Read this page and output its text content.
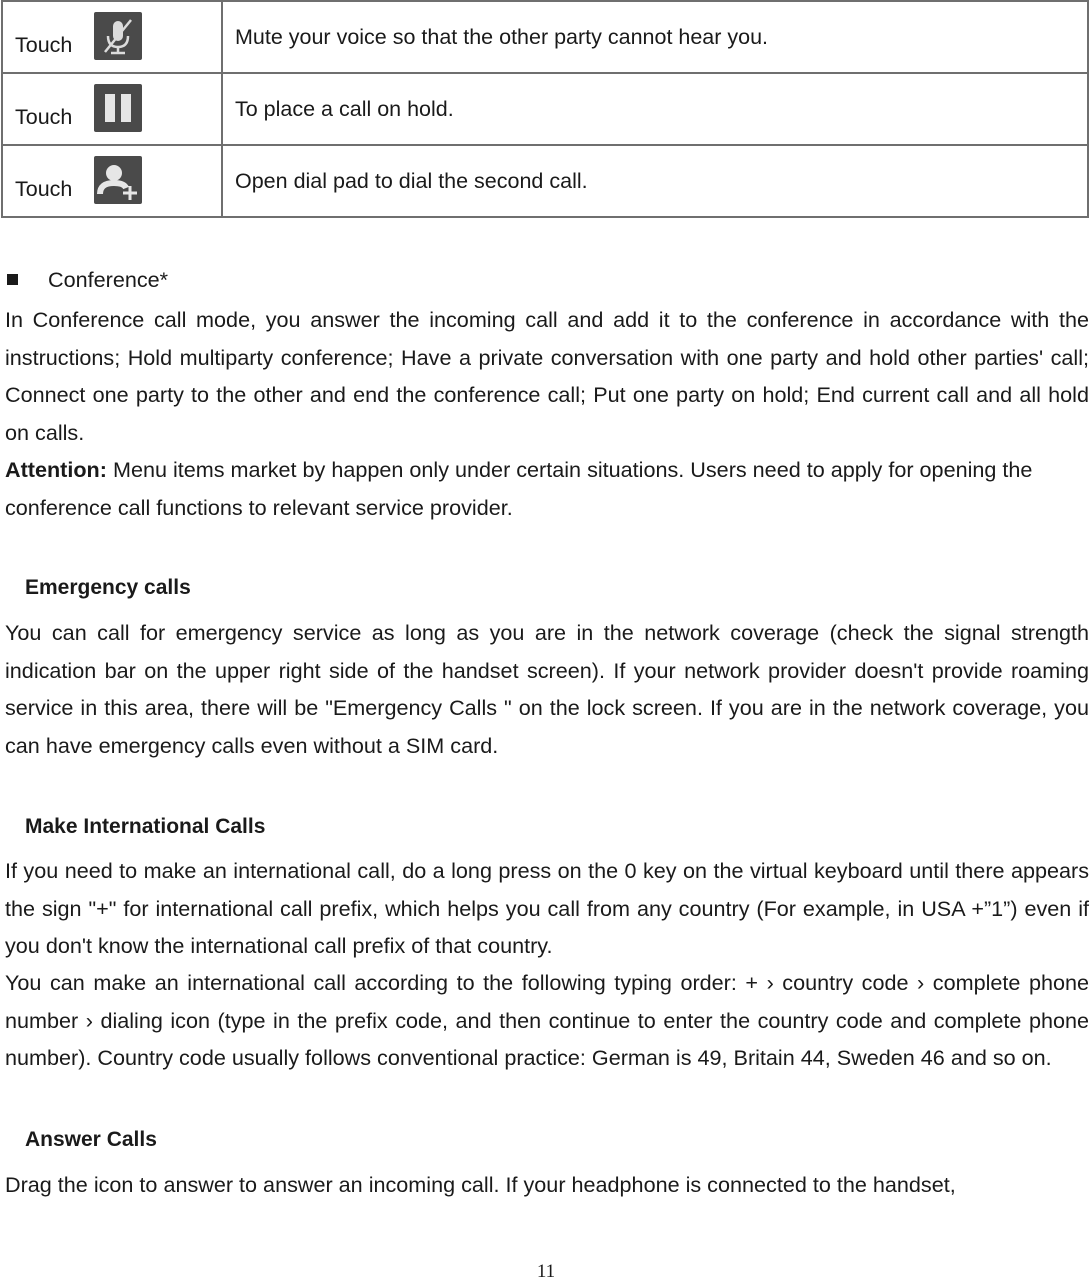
Touch	Mute your voice so that the other party cannot hear you.

Touch	To place a call on hold.

Touch	Open dial pad to dial the second call.
Conference*

In Conference call mode, you answer the incoming call and add it to the conference in accordance with the instructions; Hold multiparty conference; Have a private conversation with one party and hold other parties' call; Connect one party to the other and end the conference call; Put one party on hold; End current call and all hold on calls.

Attention: Menu items market by happen only under certain situations. Users need to apply for opening the conference call functions to relevant service provider.

Emergency calls

You can call for emergency service as long as you are in the network coverage (check the signal strength indication bar on the upper right side of the handset screen). If your network provider doesn't provide roaming service in this area, there will be "Emergency Calls " on the lock screen. If you are in the network coverage, you can have emergency calls even without a SIM card.

Make International Calls

If you need to make an international call, do a long press on the 0 key on the virtual keyboard until there appears the sign "+" for international call prefix, which helps you call from any country (For example, in USA +”1”) even if you don't know the international call prefix of that country.

You can make an international call according to the following typing order: + › country code › complete phone number › dialing icon (type in the prefix code, and then continue to enter the country code and complete phone number). Country code usually follows conventional practice: German is 49, Britain 44, Sweden 46 and so on.

Answer Calls

Drag the icon to answer to answer an incoming call. If your headphone is connected to the handset,

11
